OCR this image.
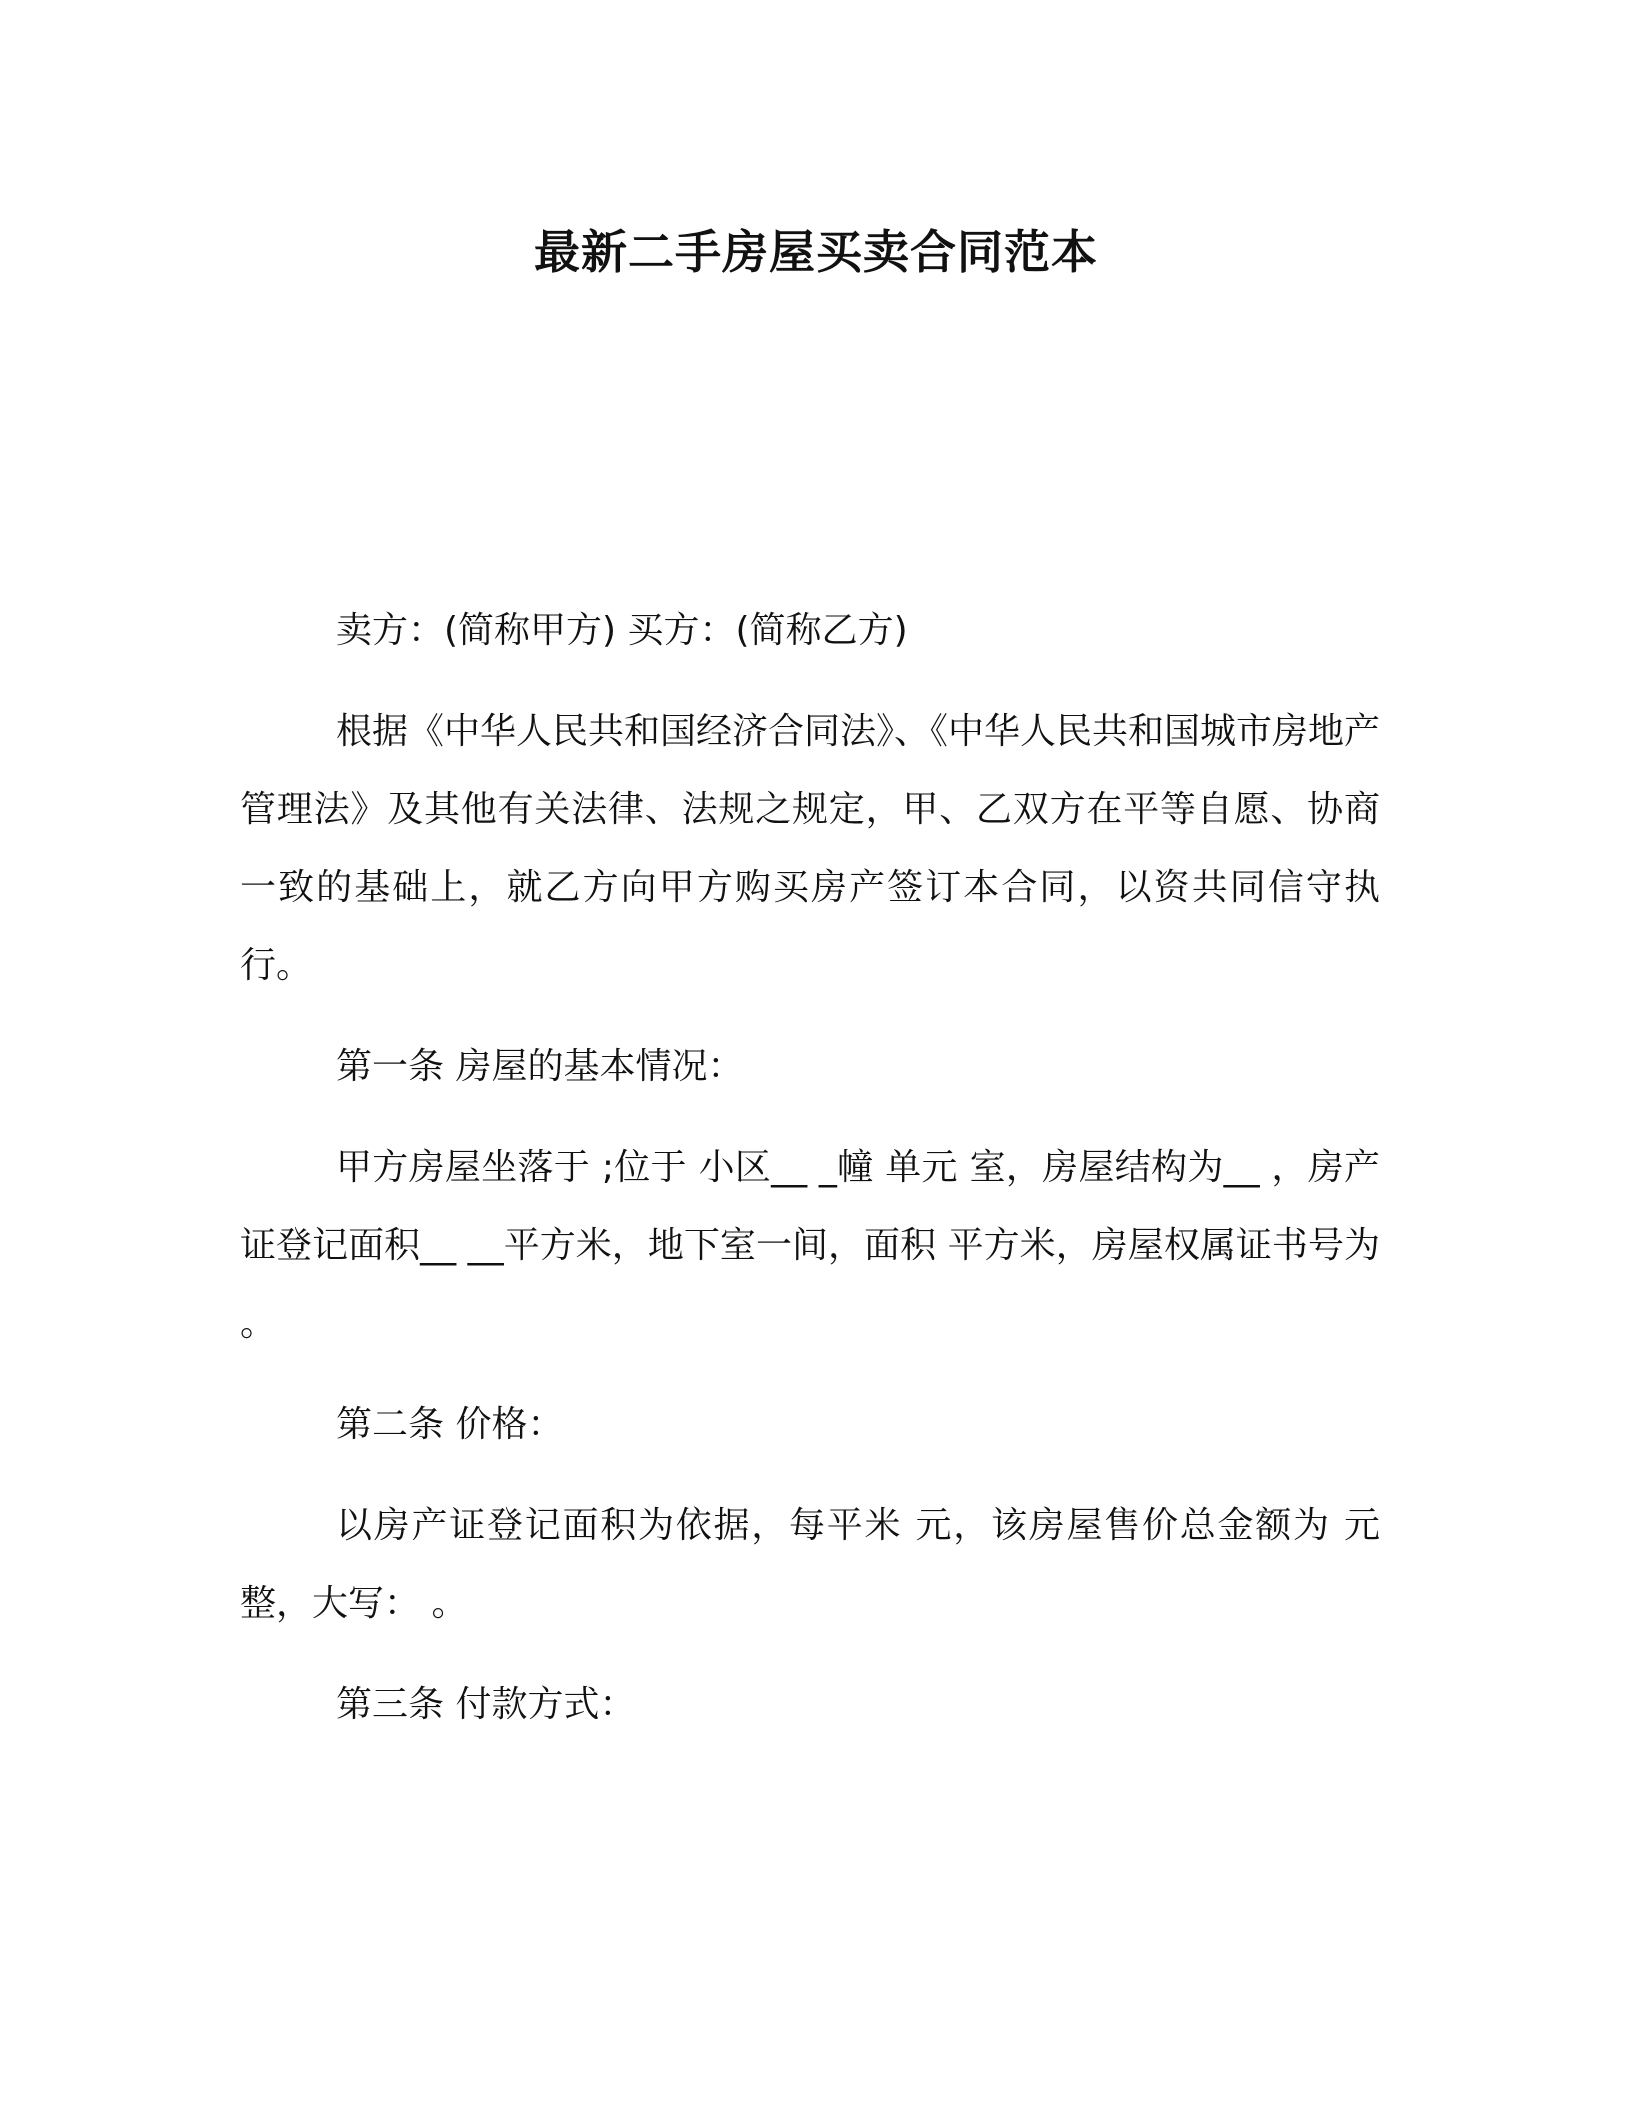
最新二手房屋买卖合同范本

卖方：(简称甲方) 买方：(简称乙方)

根据《中华人民共和国经济合同法》、《中华人民共和国城市房地产管理法》及其他有关法律、法规之规定，甲、乙双方在平等自愿、协商一致的基础上，就乙方向甲方购买房产签订本合同，以资共同信守执行。

第一条 房屋的基本情况：

甲方房屋坐落于 ;位于 小区__ _幢 单元 室，房屋结构为__ ，房产证登记面积__ __平方米，地下室一间，面积 平方米，房屋权属证书号为 。

第二条 价格：

以房产证登记面积为依据，每平米 元，该房屋售价总金额为 元整，大写： 。

第三条 付款方式：
